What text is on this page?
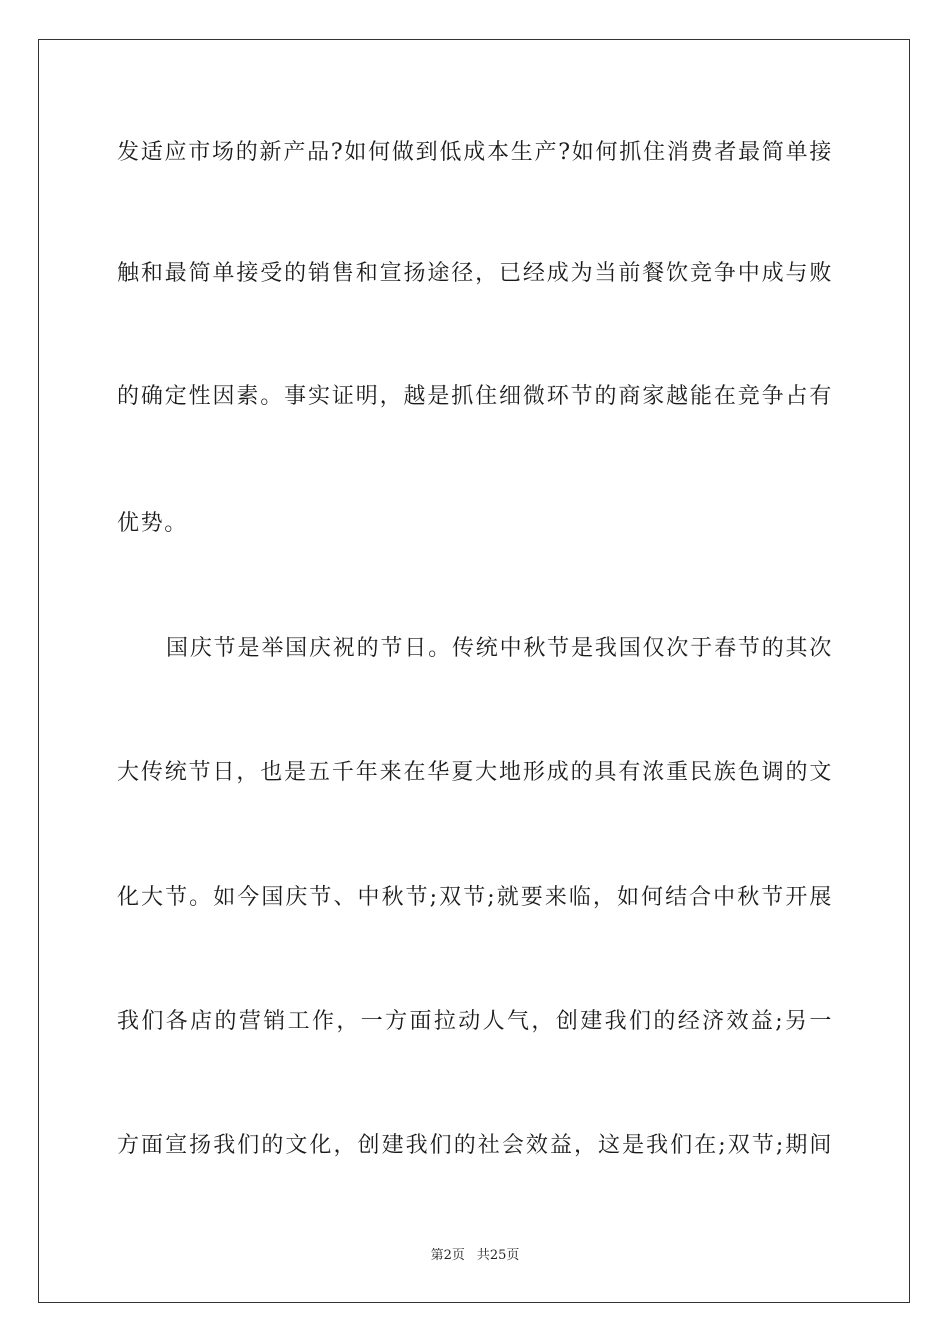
发适应市场的新产品?如何做到低成本生产?如何抓住消费者最简单接
触和最简单接受的销售和宣扬途径，已经成为当前餐饮竞争中成与败
的确定性因素。事实证明，越是抓住细微环节的商家越能在竞争占有
优势。
国庆节是举国庆祝的节日。传统中秋节是我国仅次于春节的其次
大传统节日，也是五千年来在华夏大地形成的具有浓重民族色调的文
化大节。如今国庆节、中秋节;双节;就要来临，如何结合中秋节开展
我们各店的营销工作，一方面拉动人气，创建我们的经济效益;另一
方面宣扬我们的文化，创建我们的社会效益，这是我们在;双节;期间
第2页 共25页
